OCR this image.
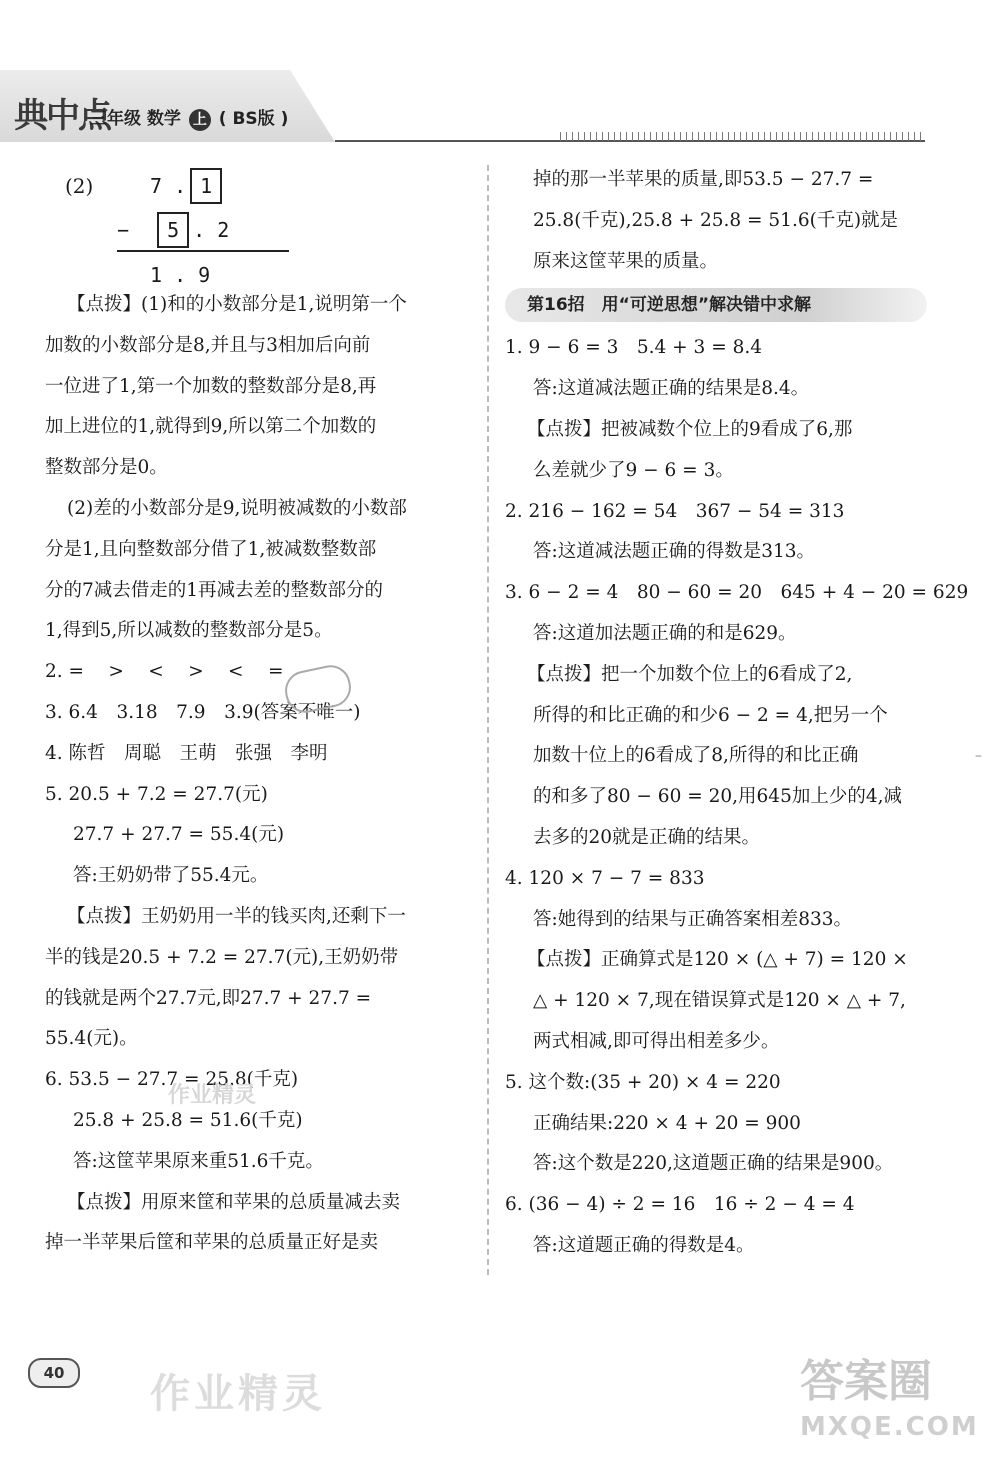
典中点
三年级 数学 上 ( BS版 )
(2)	7 . 1
− 5 . 2
1 . 9
【点拨】(1)和的小数部分是1,说明第一个
加数的小数部分是8,并且与3相加后向前
一位进了1,第一个加数的整数部分是8,再
加上进位的1,就得到9,所以第二个加数的
整数部分是0。
(2)差的小数部分是9,说明被减数的小数部
分是1,且向整数部分借了1,被减数整数部
分的7减去借走的1再减去差的整数部分的
1,得到5,所以减数的整数部分是5。
2. =　 >　 <　 >　 <　 =
3. 6.4　3.18　7.9　3.9(答案不唯一)
4. 陈哲　周聪　王萌　张强　李明
5. 20.5 + 7.2 = 27.7(元)
27.7 + 27.7 = 55.4(元)
答:王奶奶带了55.4元。
【点拨】王奶奶用一半的钱买肉,还剩下一
半的钱是20.5 + 7.2 = 27.7(元),王奶奶带
的钱就是两个27.7元,即27.7 + 27.7 =
55.4(元)。
6. 53.5 − 27.7 = 25.8(千克)
25.8 + 25.8 = 51.6(千克)
答:这筐苹果原来重51.6千克。
【点拨】用原来筐和苹果的总质量减去卖
掉一半苹果后筐和苹果的总质量正好是卖
掉的那一半苹果的质量,即53.5 − 27.7 =
25.8(千克),25.8 + 25.8 = 51.6(千克)就是
原来这筐苹果的质量。
第16招　用“可逆思想”解决错中求解
1. 9 − 6 = 3　5.4 + 3 = 8.4
答:这道减法题正确的结果是8.4。
【点拨】把被减数个位上的9看成了6,那
么差就少了9 − 6 = 3。
2. 216 − 162 = 54　367 − 54 = 313
答:这道减法题正确的得数是313。
3. 6 − 2 = 4　80 − 60 = 20　645 + 4 − 20 = 629
答:这道加法题正确的和是629。
【点拨】把一个加数个位上的6看成了2,
所得的和比正确的和少6 − 2 = 4,把另一个
加数十位上的6看成了8,所得的和比正确
的和多了80 − 60 = 20,用645加上少的4,减
去多的20就是正确的结果。
4. 120 × 7 − 7 = 833
答:她得到的结果与正确答案相差833。
【点拨】正确算式是120 × (△ + 7) = 120 ×
△ + 120 × 7,现在错误算式是120 × △ + 7,
两式相减,即可得出相差多少。
5. 这个数:(35 + 20) × 4 = 220
正确结果:220 × 4 + 20 = 900
答:这个数是220,这道题正确的结果是900。
6. (36 − 4) ÷ 2 = 16　16 ÷ 2 − 4 = 4
答:这道题正确的得数是4。
作业精灵
–
40	作业精灵	答案圈
MXQE.COM
